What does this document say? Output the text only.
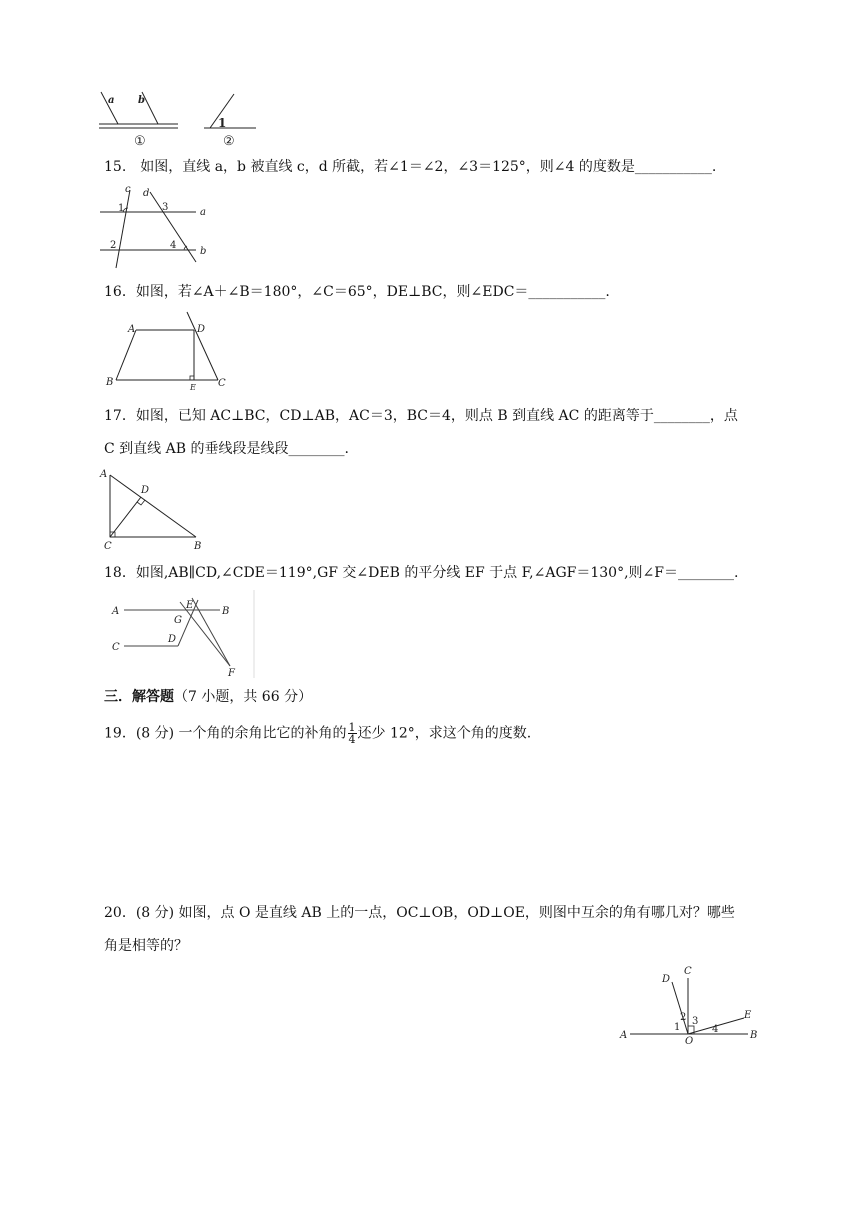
a b
①
1
②
15.　如图，直线 a，b 被直线 c，d 所截，若∠1＝∠2，∠3＝125°，则∠4 的度数是___________.
c d
a
b
1
2
3
4
16．如图，若∠A＋∠B＝180°，∠C＝65°，DE⊥BC，则∠EDC＝___________.
A
B	C
D
E
17．如图，已知 AC⊥BC，CD⊥AB，AC＝3，BC＝4，则点 B 到直线 AC 的距离等于________，点
C 到直线 AB 的垂线段是线段________.
A
B
C
D
18．如图,AB∥CD,∠CDE＝119°,GF 交∠DEB 的平分线 EF 于点 F,∠AGF＝130°,则∠F＝________.
A	B
C
D
E
F
G
三．解答题（7 小题，共 66 分）
19．(8 分) 一个角的余角比它的补角的 $\frac{1}{4}$ 还少 12°，求这个角的度数.
20．(8 分) 如图，点 O 是直线 AB 上的一点，OC⊥OB，OD⊥OE，则图中互余的角有哪几对？哪些
角是相等的？
A	B
C
D
E
O
1
2 3
4
